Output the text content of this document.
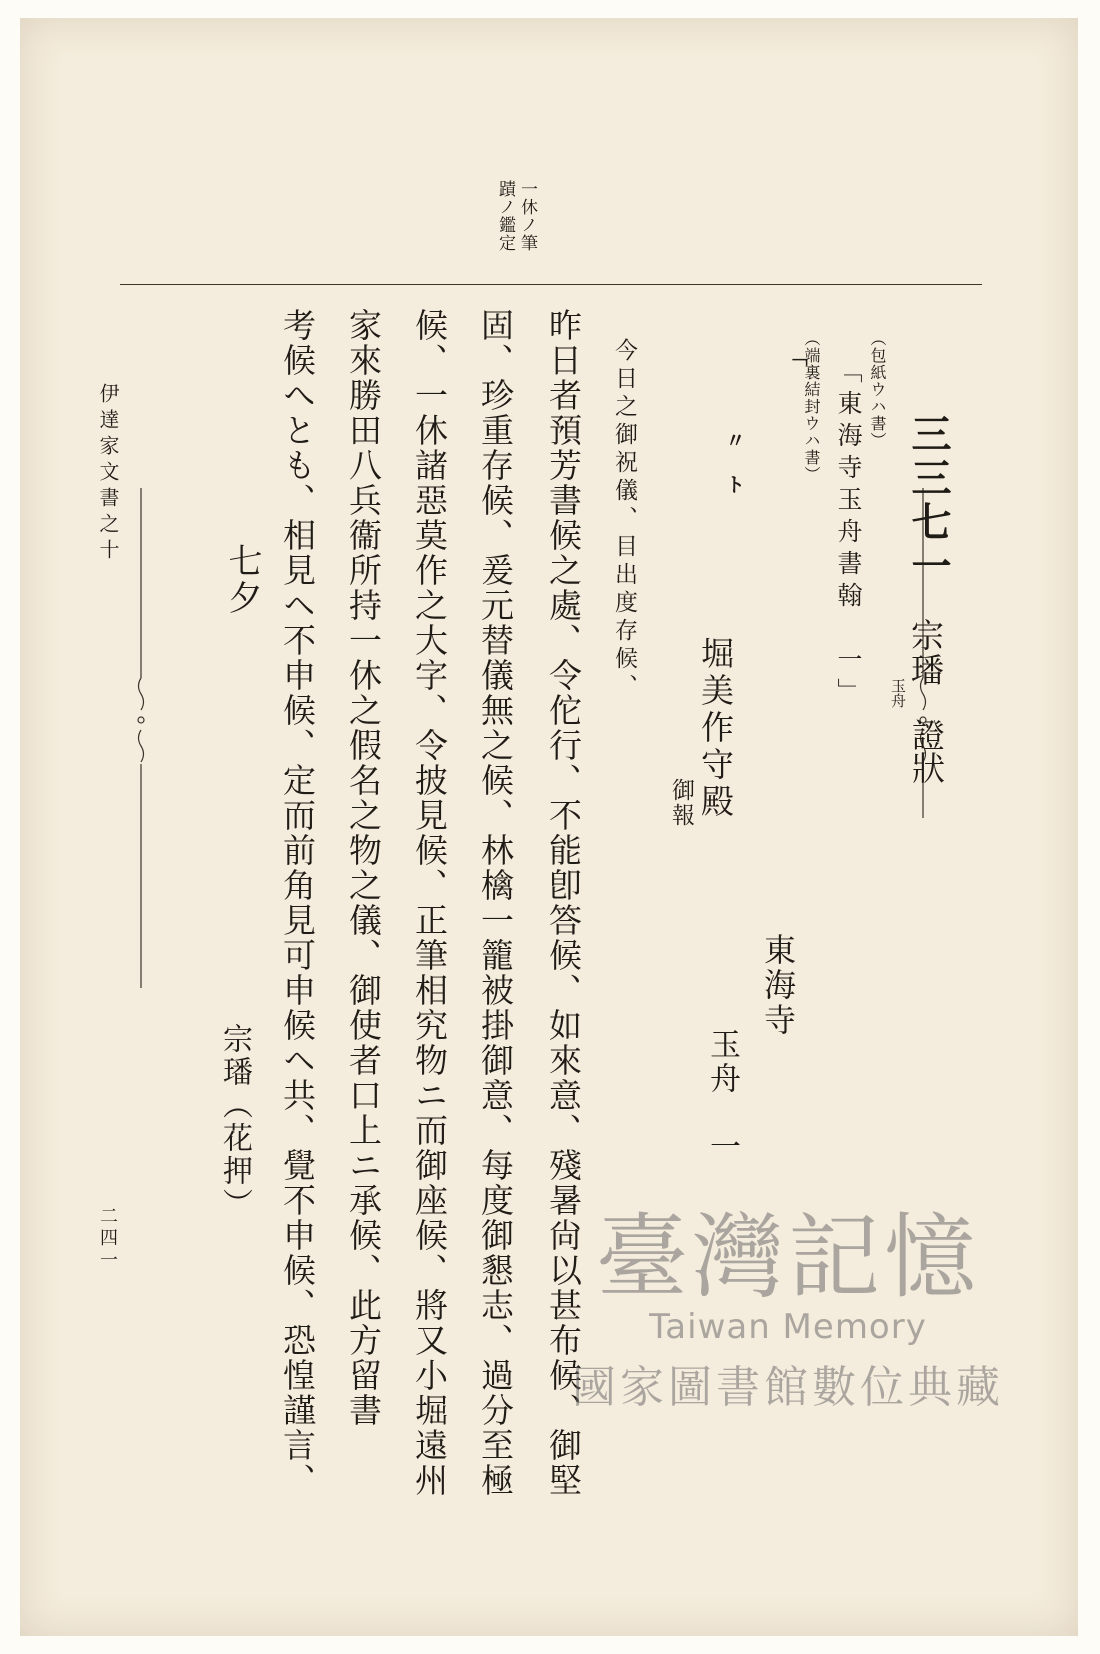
一休ノ筆
蹟ノ鑑定
三三七一
宗璠
玉舟
證狀
（包紙ウハ書）
「東海寺玉舟書翰　一」
（端裏結封ウハ書）
「
〃
ト
東海寺
玉舟　一
堀美作守殿
御報
今日之御祝儀、目出度存候、
昨日者預芳書候之處、令佗行、不能卽答候、如來意、殘暑尙以甚布候、御堅
固、珍重存候、爰元替儀無之候、林檎一籠被掛御意、每度御懇志、過分至極
候、一休諸惡莫作之大字、令披見候、正筆相究物ニ而御座候、將又小堀遠州
家來勝田八兵衞所持一休之假名之物之儀、御使者口上ニ承候、此方留書
考候へとも、相見ヘ不申候、定而前角見可申候ヘ共、覺不申候、恐惶謹言、
七夕
宗璠（花押）
伊達家文書之十
二四一	臺灣記憶
Taiwan Memory
國家圖書館數位典藏
